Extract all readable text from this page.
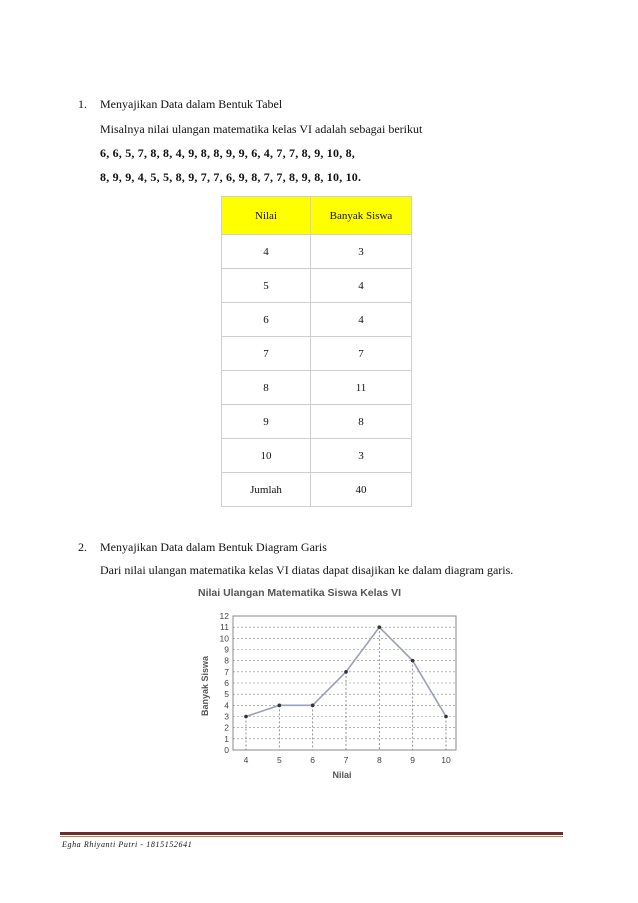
1. Menyajikan Data dalam Bentuk Tabel
Misalnya nilai ulangan matematika kelas VI adalah sebagai berikut
6, 6, 5, 7, 8, 8, 4, 9, 8, 8, 9, 9, 6, 4, 7, 7, 8, 9, 10, 8,
8, 9, 9, 4, 5, 5, 8, 9, 7, 7, 6, 9, 8, 7, 7, 8, 9, 8, 10, 10.
Nilai	Banyak Siswa
4	3
5	4
6	4
7	7
8	11
9	8
10	3
Jumlah	40
2. Menyajikan Data dalam Bentuk Diagram Garis
Dari nilai ulangan matematika kelas VI diatas dapat disajikan ke dalam diagram garis.
Nilai Ulangan Matematika Siswa Kelas VI
Banyak Siswa
Nilai
0
1
2
3
4
5
6
7
8
9
10
11
12
4	5	6	7	8	9	10
Egha Rhiyanti Putri - 1815152641
